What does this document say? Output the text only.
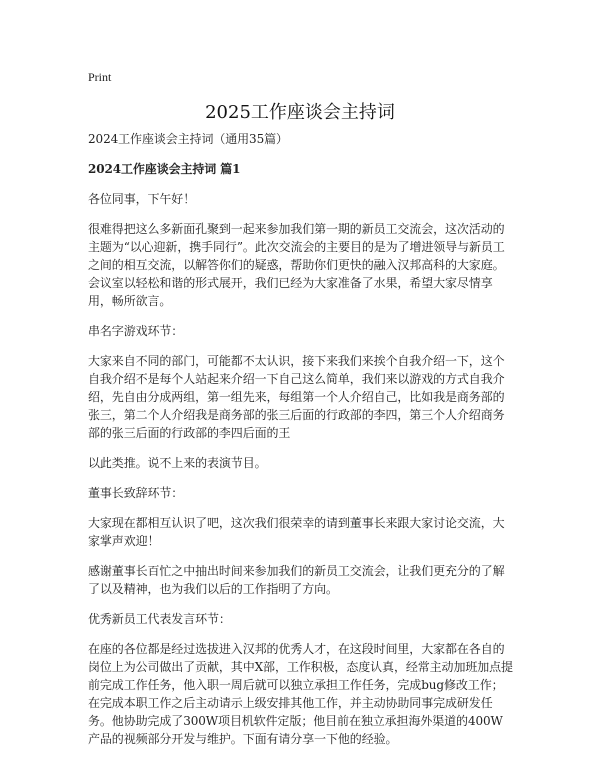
Print
2025工作座谈会主持词

2024工作座谈会主持词（通用35篇）

2024工作座谈会主持词 篇1

各位同事，下午好！

很难得把这么多新面孔聚到一起来参加我们第一期的新员工交流会，这次活动的主题为“以心迎新，携手同行”。此次交流会的主要目的是为了增进领导与新员工之间的相互交流，以解答你们的疑惑，帮助你们更快的融入汉邦高科的大家庭。会议室以轻松和谐的形式展开，我们已经为大家准备了水果，希望大家尽情享用，畅所欲言。

串名字游戏环节：

大家来自不同的部门，可能都不太认识，接下来我们来挨个自我介绍一下，这个自我介绍不是每个人站起来介绍一下自己这么简单，我们来以游戏的方式自我介绍，先自由分成两组，第一组先来，每组第一个人介绍自己，比如我是商务部的张三，第二个人介绍我是商务部的张三后面的行政部的李四，第三个人介绍商务部的张三后面的行政部的李四后面的王

以此类推。说不上来的表演节目。

董事长致辞环节：

大家现在都相互认识了吧，这次我们很荣幸的请到董事长来跟大家讨论交流，大家掌声欢迎！

感谢董事长百忙之中抽出时间来参加我们的新员工交流会，让我们更充分的了解了以及精神，也为我们以后的工作指明了方向。

优秀新员工代表发言环节：

在座的各位都是经过选拔进入汉邦的优秀人才，在这段时间里，大家都在各自的岗位上为公司做出了贡献，其中X部，工作积极，态度认真，经常主动加班加点提前完成工作任务，他入职一周后就可以独立承担工作任务，完成bug修改工作；在完成本职工作之后主动请示上级安排其他工作，并主动协助同事完成研发任务。他协助完成了300W项目机软件定版；他目前在独立承担海外渠道的400W产品的视频部分开发与维护。下面有请分享一下他的经验。
